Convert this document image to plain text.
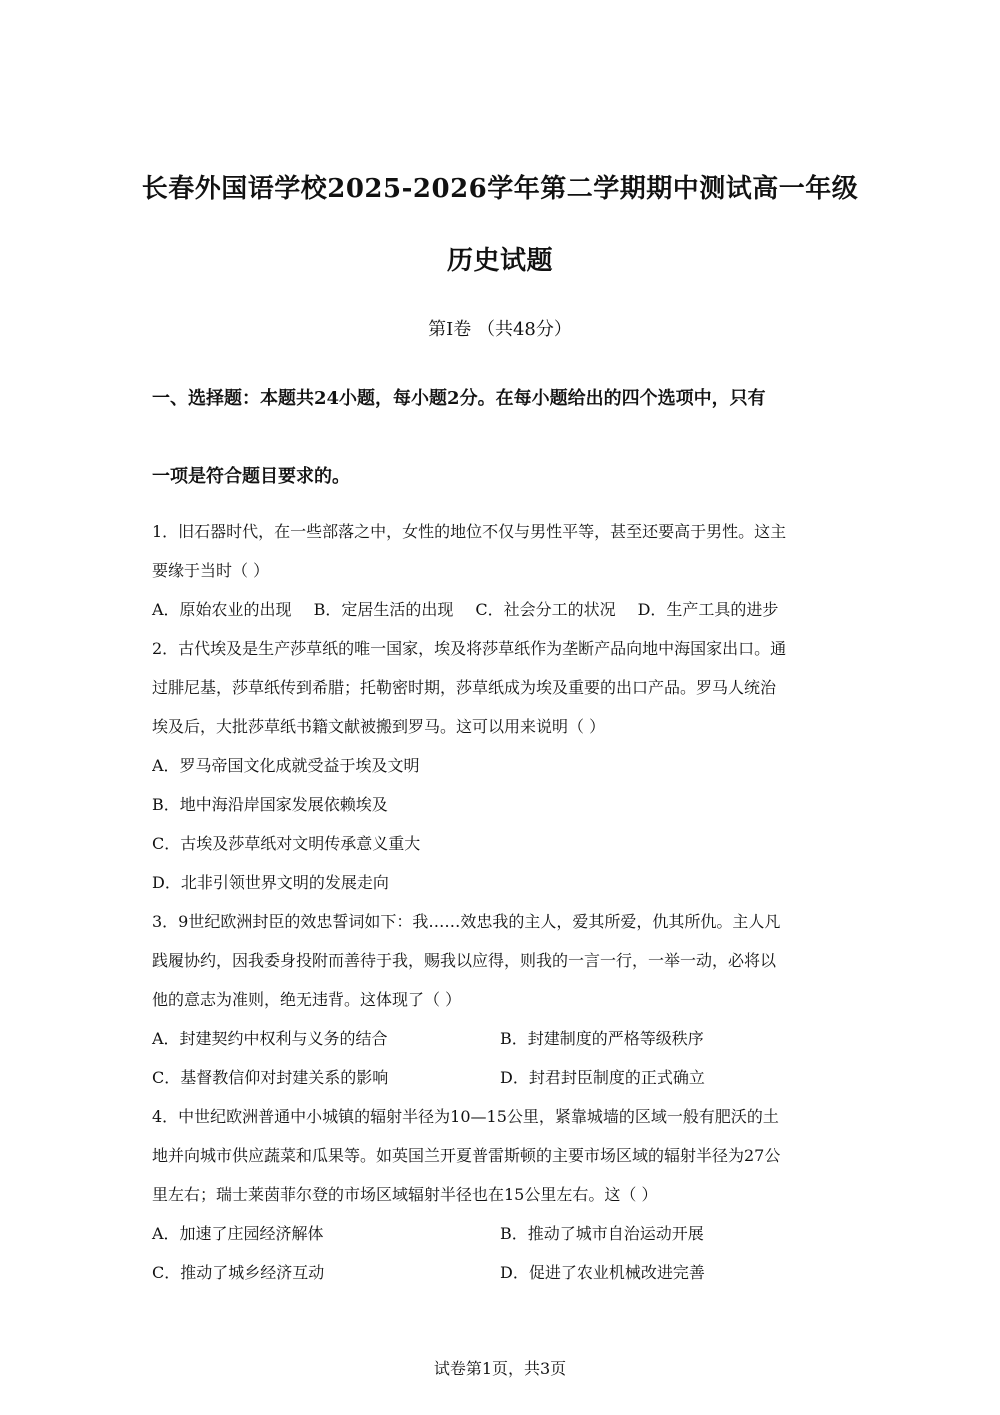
长春外国语学校2025-2026学年第二学期期中测试高一年级
历史试题
第Ⅰ卷 （共48分）
一、选择题：本题共24小题，每小题2分。在每小题给出的四个选项中，只有
一项是符合题目要求的。
1．旧石器时代，在一些部落之中，女性的地位不仅与男性平等，甚至还要高于男性。这主
要缘于当时（ ）
A．原始农业的出现 B．定居生活的出现 C．社会分工的状况 D．生产工具的进步
2．古代埃及是生产莎草纸的唯一国家，埃及将莎草纸作为垄断产品向地中海国家出口。通
过腓尼基，莎草纸传到希腊；托勒密时期，莎草纸成为埃及重要的出口产品。罗马人统治
埃及后，大批莎草纸书籍文献被搬到罗马。这可以用来说明（ ）
A．罗马帝国文化成就受益于埃及文明
B．地中海沿岸国家发展依赖埃及
C．古埃及莎草纸对文明传承意义重大
D．北非引领世界文明的发展走向
3．9世纪欧洲封臣的效忠誓词如下：我……效忠我的主人，爱其所爱，仇其所仇。主人凡
践履协约，因我委身投附而善待于我，赐我以应得，则我的一言一行，一举一动，必将以
他的意志为准则，绝无违背。这体现了（ ）
A．封建契约中权利与义务的结合	B．封建制度的严格等级秩序
C．基督教信仰对封建关系的影响	D．封君封臣制度的正式确立
4．中世纪欧洲普通中小城镇的辐射半径为10—15公里，紧靠城墙的区域一般有肥沃的土
地并向城市供应蔬菜和瓜果等。如英国兰开夏普雷斯顿的主要市场区域的辐射半径为27公
里左右；瑞士莱茵菲尔登的市场区域辐射半径也在15公里左右。这（ ）
A．加速了庄园经济解体	B．推动了城市自治运动开展
C．推动了城乡经济互动	D．促进了农业机械改进完善
试卷第1页，共3页
